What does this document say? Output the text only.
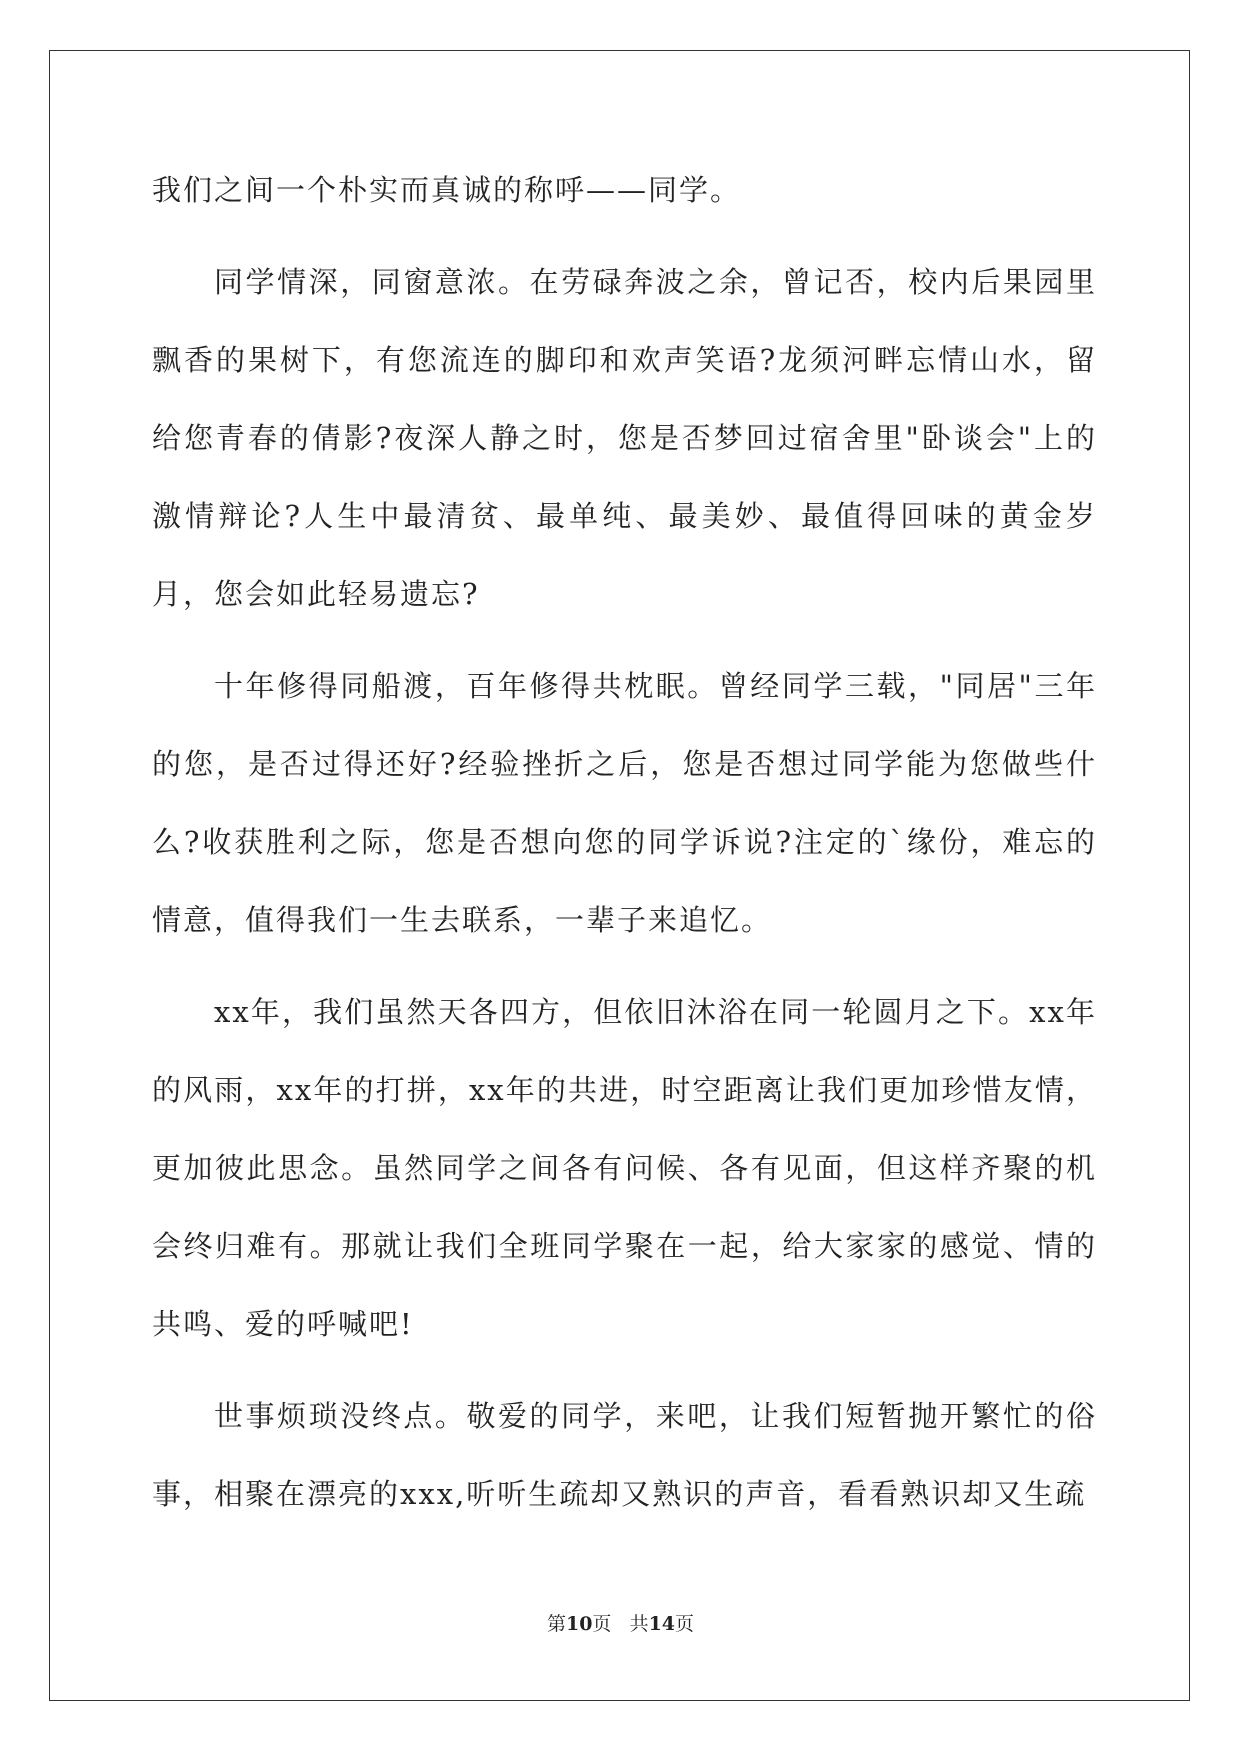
我们之间一个朴实而真诚的称呼——同学。

同学情深，同窗意浓。在劳碌奔波之余，曾记否，校内后果园里飘香的果树下，有您流连的脚印和欢声笑语?龙须河畔忘情山水，留给您青春的倩影?夜深人静之时，您是否梦回过宿舍里"卧谈会"上的激情辩论?人生中最清贫、最单纯、最美妙、最值得回味的黄金岁月，您会如此轻易遗忘?

十年修得同船渡，百年修得共枕眠。曾经同学三载，"同居"三年的您，是否过得还好?经验挫折之后，您是否想过同学能为您做些什么?收获胜利之际，您是否想向您的同学诉说?注定的`缘份，难忘的情意，值得我们一生去联系，一辈子来追忆。

xx年，我们虽然天各四方，但依旧沐浴在同一轮圆月之下。xx年的风雨，xx年的打拼，xx年的共进，时空距离让我们更加珍惜友情，更加彼此思念。虽然同学之间各有问候、各有见面，但这样齐聚的机会终归难有。那就让我们全班同学聚在一起，给大家家的感觉、情的共鸣、爱的呼喊吧!

世事烦琐没终点。敬爱的同学，来吧，让我们短暂抛开繁忙的俗事，相聚在漂亮的xxx,听听生疏却又熟识的声音，看看熟识却又生疏

第10页 共14页
